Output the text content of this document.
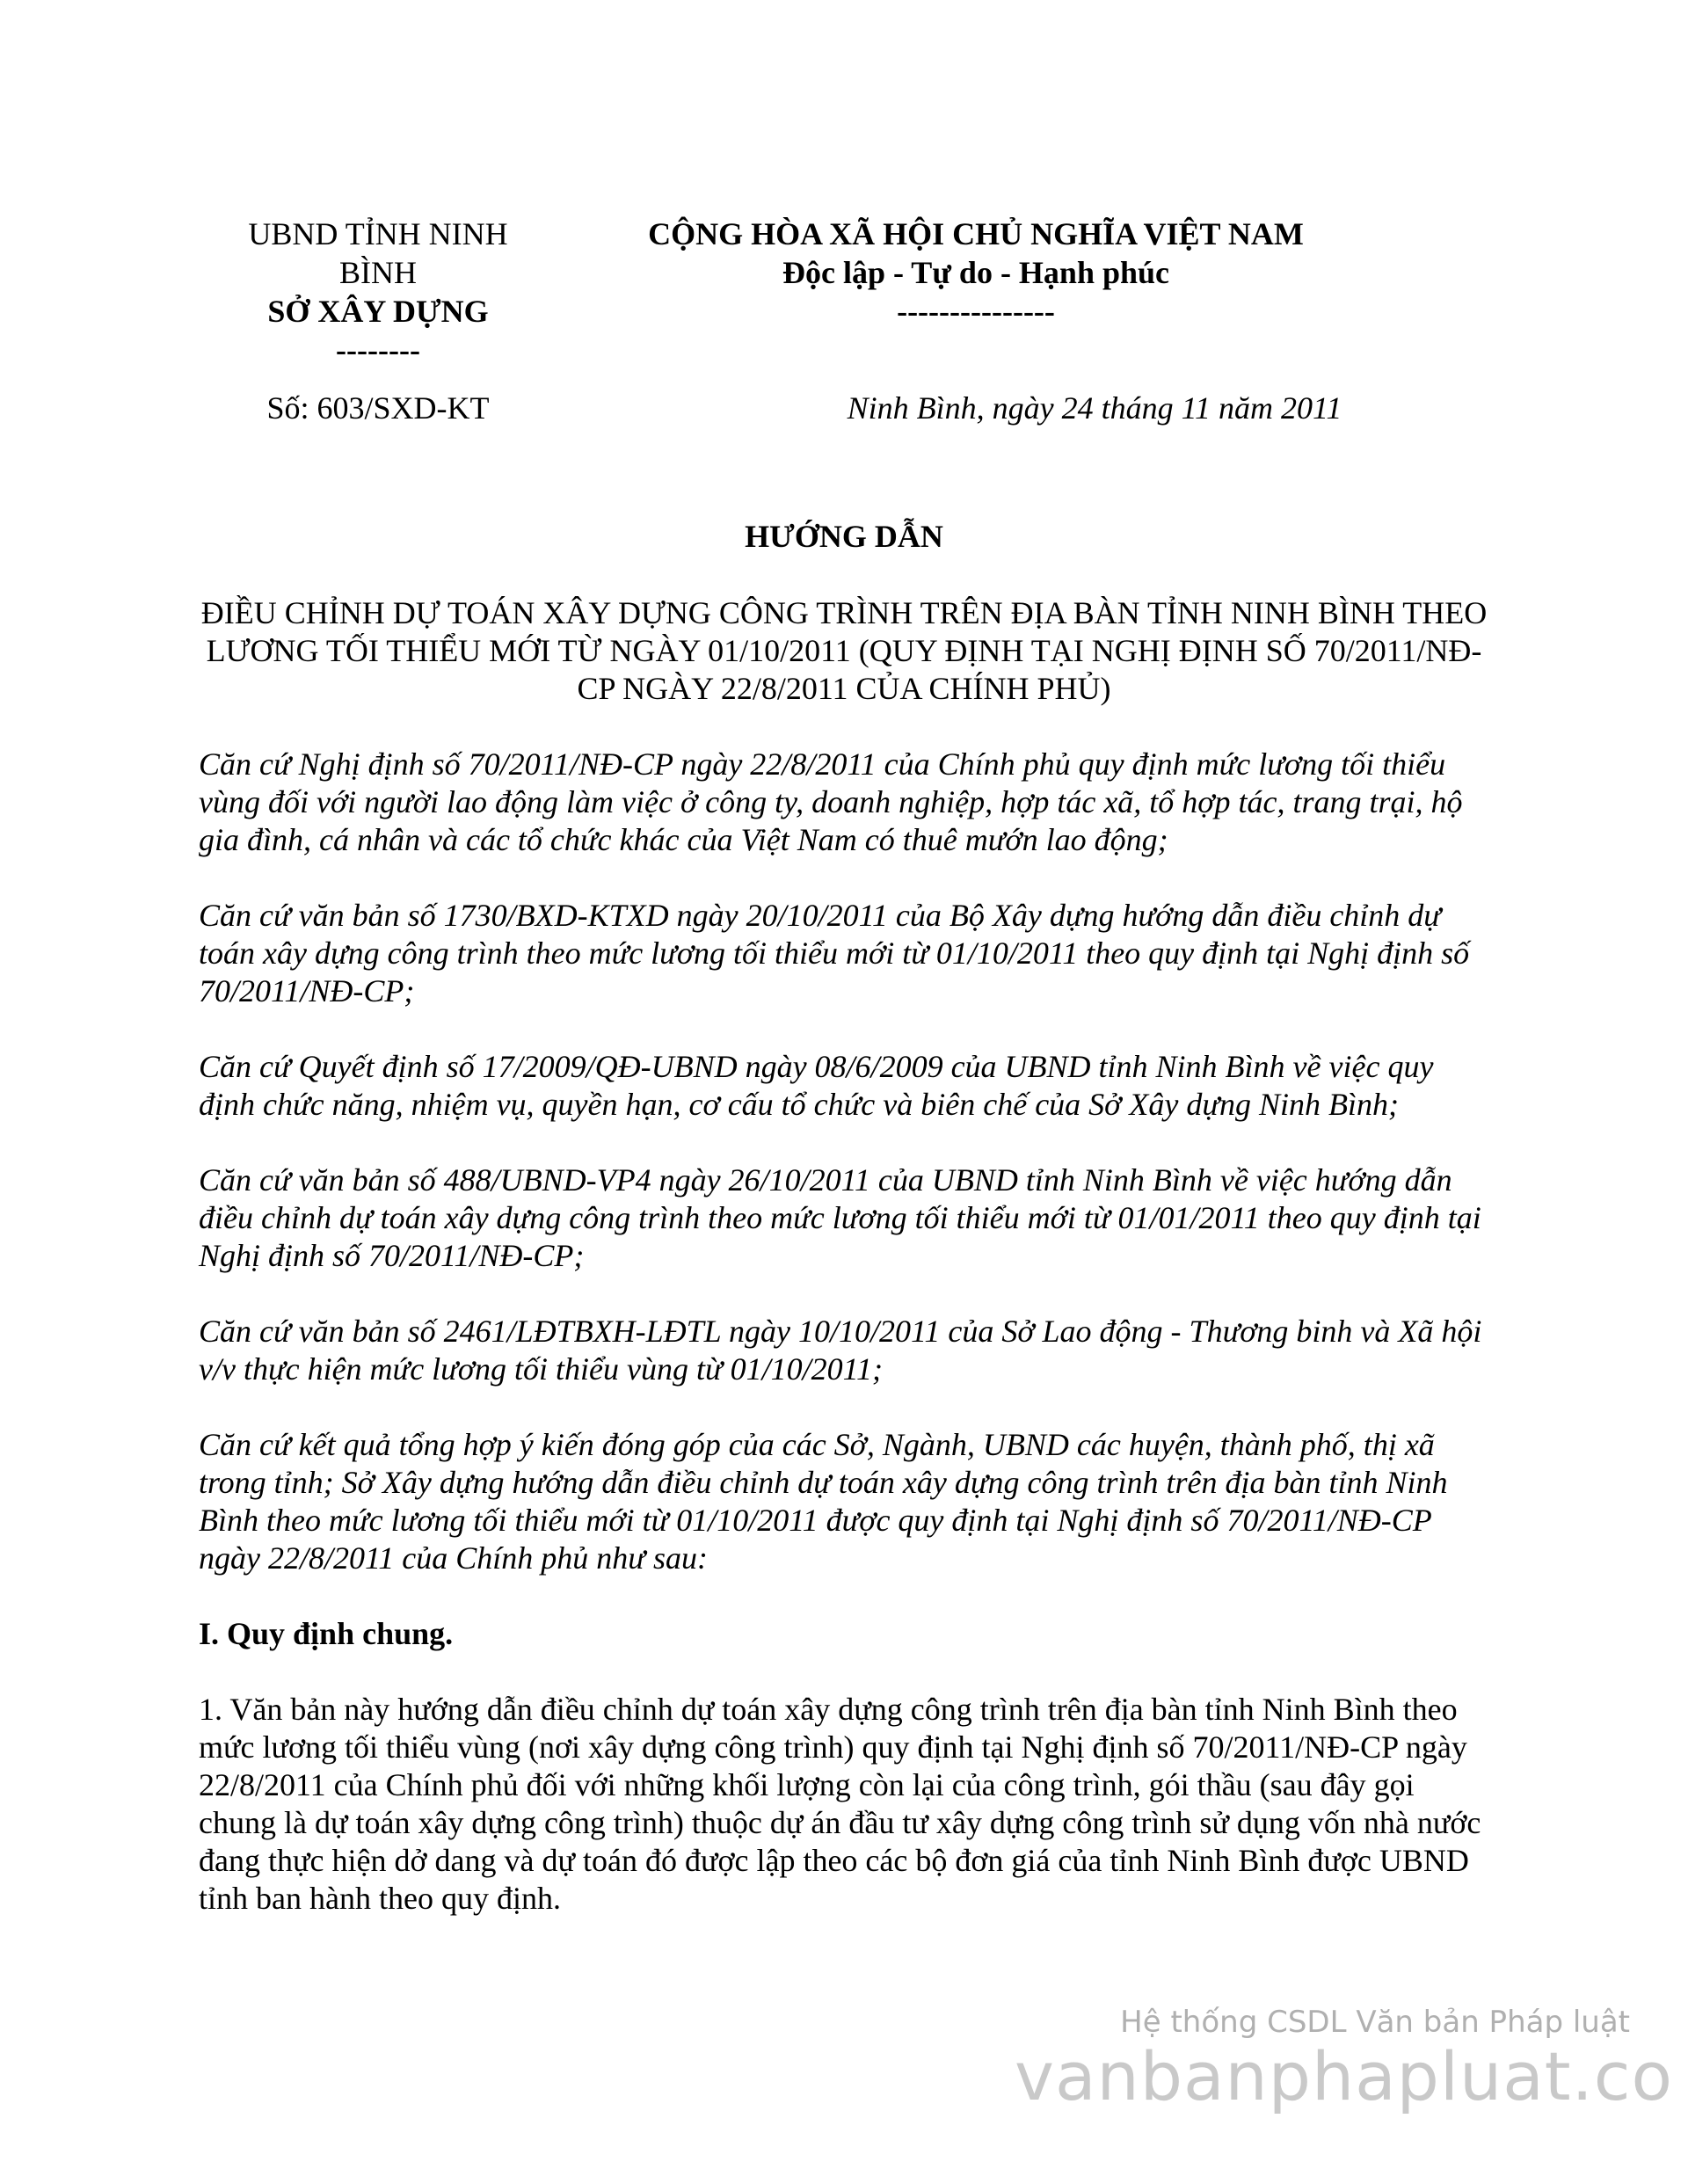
UBND TỈNH NINH
BÌNH
SỞ XÂY DỰNG
--------
CỘNG HÒA XÃ HỘI CHỦ NGHĨA VIỆT NAM
Độc lập - Tự do - Hạnh phúc
---------------
Số: 603/SXD-KT	Ninh Bình, ngày 24 tháng 11 năm 2011
HƯỚNG DẪN
ĐIỀU CHỈNH DỰ TOÁN XÂY DỰNG CÔNG TRÌNH TRÊN ĐỊA BÀN TỈNH NINH BÌNH THEO LƯƠNG TỐI THIỂU MỚI TỪ NGÀY 01/10/2011 (QUY ĐỊNH TẠI NGHỊ ĐỊNH SỐ 70/2011/NĐ-CP NGÀY 22/8/2011 CỦA CHÍNH PHỦ)

Căn cứ Nghị định số 70/2011/NĐ-CP ngày 22/8/2011 của Chính phủ quy định mức lương tối thiểu vùng đối với người lao động làm việc ở công ty, doanh nghiệp, hợp tác xã, tổ hợp tác, trang trại, hộ gia đình, cá nhân và các tổ chức khác của Việt Nam có thuê mướn lao động;

Căn cứ văn bản số 1730/BXD-KTXD ngày 20/10/2011 của Bộ Xây dựng hướng dẫn điều chỉnh dự toán xây dựng công trình theo mức lương tối thiểu mới từ 01/10/2011 theo quy định tại Nghị định số 70/2011/NĐ-CP;

Căn cứ Quyết định số 17/2009/QĐ-UBND ngày 08/6/2009 của UBND tỉnh Ninh Bình về việc quy định chức năng, nhiệm vụ, quyền hạn, cơ cấu tổ chức và biên chế của Sở Xây dựng Ninh Bình;

Căn cứ văn bản số 488/UBND-VP4 ngày 26/10/2011 của UBND tỉnh Ninh Bình về việc hướng dẫn điều chỉnh dự toán xây dựng công trình theo mức lương tối thiểu mới từ 01/01/2011 theo quy định tại Nghị định số 70/2011/NĐ-CP;

Căn cứ văn bản số 2461/LĐTBXH-LĐTL ngày 10/10/2011 của Sở Lao động - Thương binh và Xã hội v/v thực hiện mức lương tối thiểu vùng từ 01/10/2011;

Căn cứ kết quả tổng hợp ý kiến đóng góp của các Sở, Ngành, UBND các huyện, thành phố, thị xã trong tỉnh; Sở Xây dựng hướng dẫn điều chỉnh dự toán xây dựng công trình trên địa bàn tỉnh Ninh Bình theo mức lương tối thiểu mới từ 01/10/2011 được quy định tại Nghị định số 70/2011/NĐ-CP ngày 22/8/2011 của Chính phủ như sau:

I. Quy định chung.

1. Văn bản này hướng dẫn điều chỉnh dự toán xây dựng công trình trên địa bàn tỉnh Ninh Bình theo mức lương tối thiểu vùng (nơi xây dựng công trình) quy định tại Nghị định số 70/2011/NĐ-CP ngày 22/8/2011 của Chính phủ đối với những khối lượng còn lại của công trình, gói thầu (sau đây gọi chung là dự toán xây dựng công trình) thuộc dự án đầu tư xây dựng công trình sử dụng vốn nhà nước đang thực hiện dở dang và dự toán đó được lập theo các bộ đơn giá của tỉnh Ninh Bình được UBND tỉnh ban hành theo quy định.

Hệ thống CSDL Văn bản Pháp luật
vanbanphapluat.co
